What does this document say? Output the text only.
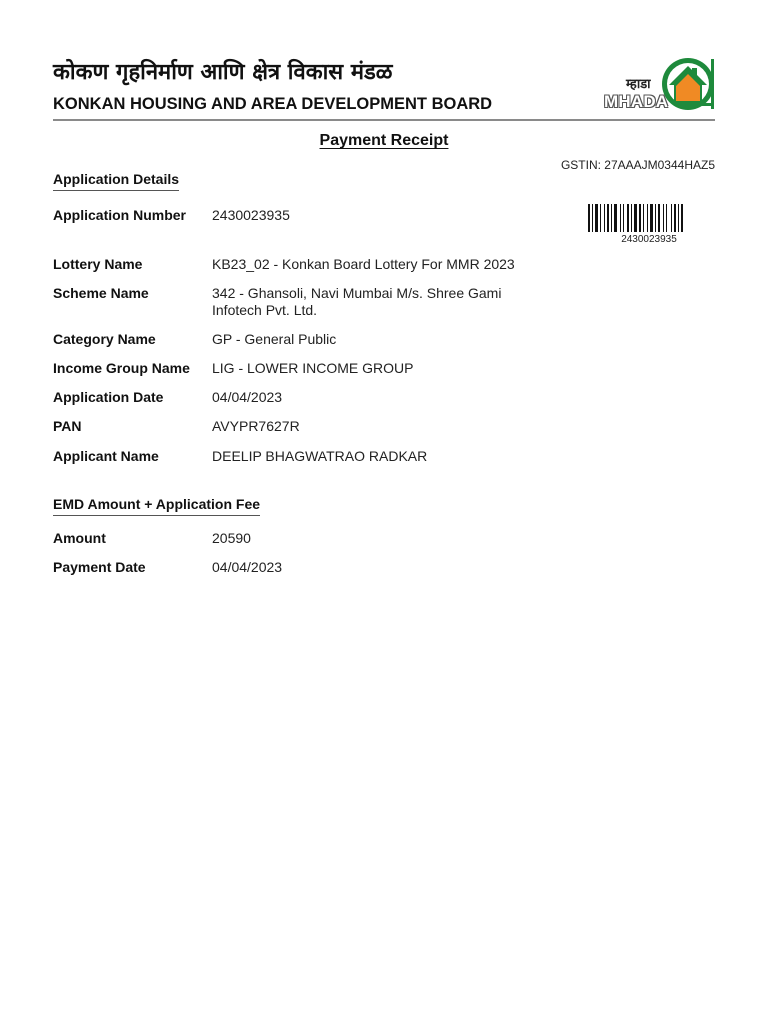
कोकण गृहनिर्माण आणि क्षेत्र विकास मंडळ
KONKAN HOUSING AND AREA DEVELOPMENT BOARD
म्हाडा
MHADA
Payment Receipt
GSTIN: 27AAAJM0344HAZ5
Application Details
2430023935
Application Number 2430023935
Lottery Name	KB23_02 - Konkan Board Lottery For MMR 2023
Scheme Name	342 - Ghansoli, Navi Mumbai M/s. Shree Gami Infotech Pvt. Ltd.
Category Name	GP - General Public
Income Group Name LIG - LOWER INCOME GROUP
Application Date	04/04/2023
PAN	AVYPR7627R
Applicant Name	DEELIP BHAGWATRAO RADKAR
EMD Amount + Application Fee
Amount	20590
Payment Date	04/04/2023
